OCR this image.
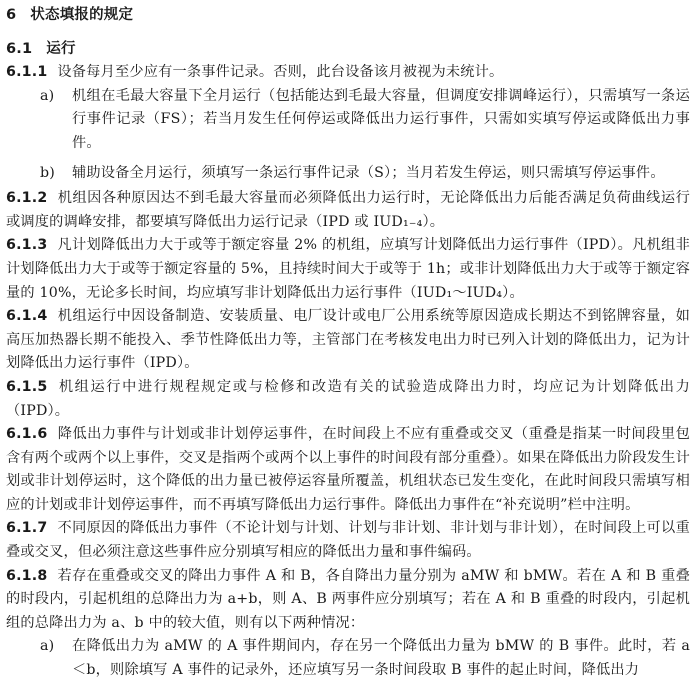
6 状态填报的规定
6.1 运行

6.1.1 设备每月至少应有一条事件记录。否则，此台设备该月被视为未统计。

a) 机组在毛最大容量下全月运行（包括能达到毛最大容量，但调度安排调峰运行），只需填写一条运行事件记录（FS）；若当月发生任何停运或降低出力运行事件，只需如实填写停运或降低出力事件。

b) 辅助设备全月运行，须填写一条运行事件记录（S）；当月若发生停运，则只需填写停运事件。

6.1.2 机组因各种原因达不到毛最大容量而必须降低出力运行时，无论降低出力后能否满足负荷曲线运行或调度的调峰安排，都要填写降低出力运行记录（IPD 或 IUD₁₋₄）。

6.1.3 凡计划降低出力大于或等于额定容量 2% 的机组，应填写计划降低出力运行事件（IPD）。凡机组非计划降低出力大于或等于额定容量的 5%，且持续时间大于或等于 1h；或非计划降低出力大于或等于额定容量的 10%，无论多长时间，均应填写非计划降低出力运行事件（IUD₁～IUD₄）。

6.1.4 机组运行中因设备制造、安装质量、电厂设计或电厂公用系统等原因造成长期达不到铭牌容量，如高压加热器长期不能投入、季节性降低出力等，主管部门在考核发电出力时已列入计划的降低出力，记为计划降低出力运行事件（IPD）。

6.1.5 机组运行中进行规程规定或与检修和改造有关的试验造成降出力时，均应记为计划降低出力（IPD）。

6.1.6 降低出力事件与计划或非计划停运事件，在时间段上不应有重叠或交叉（重叠是指某一时间段里包含有两个或两个以上事件，交叉是指两个或两个以上事件的时间段有部分重叠）。如果在降低出力阶段发生计划或非计划停运时，这个降低的出力量已被停运容量所覆盖，机组状态已发生变化，在此时间段只需填写相应的计划或非计划停运事件，而不再填写降低出力运行事件。降低出力事件在“补充说明”栏中注明。

6.1.7 不同原因的降低出力事件（不论计划与计划、计划与非计划、非计划与非计划），在时间段上可以重叠或交叉，但必须注意这些事件应分别填写相应的降低出力量和事件编码。

6.1.8 若存在重叠或交叉的降出力事件 A 和 B，各自降出力量分别为 aMW 和 bMW。若在 A 和 B 重叠的时段内，引起机组的总降出力为 a+b，则 A、B 两事件应分别填写；若在 A 和 B 重叠的时段内，引起机组的总降出力为 a、b 中的较大值，则有以下两种情况：

a) 在降低出力为 aMW 的 A 事件期间内，存在另一个降低出力量为 bMW 的 B 事件。此时，若 a＜b，则除填写 A 事件的记录外，还应填写另一条时间段取 B 事件的起止时间，降低出力
